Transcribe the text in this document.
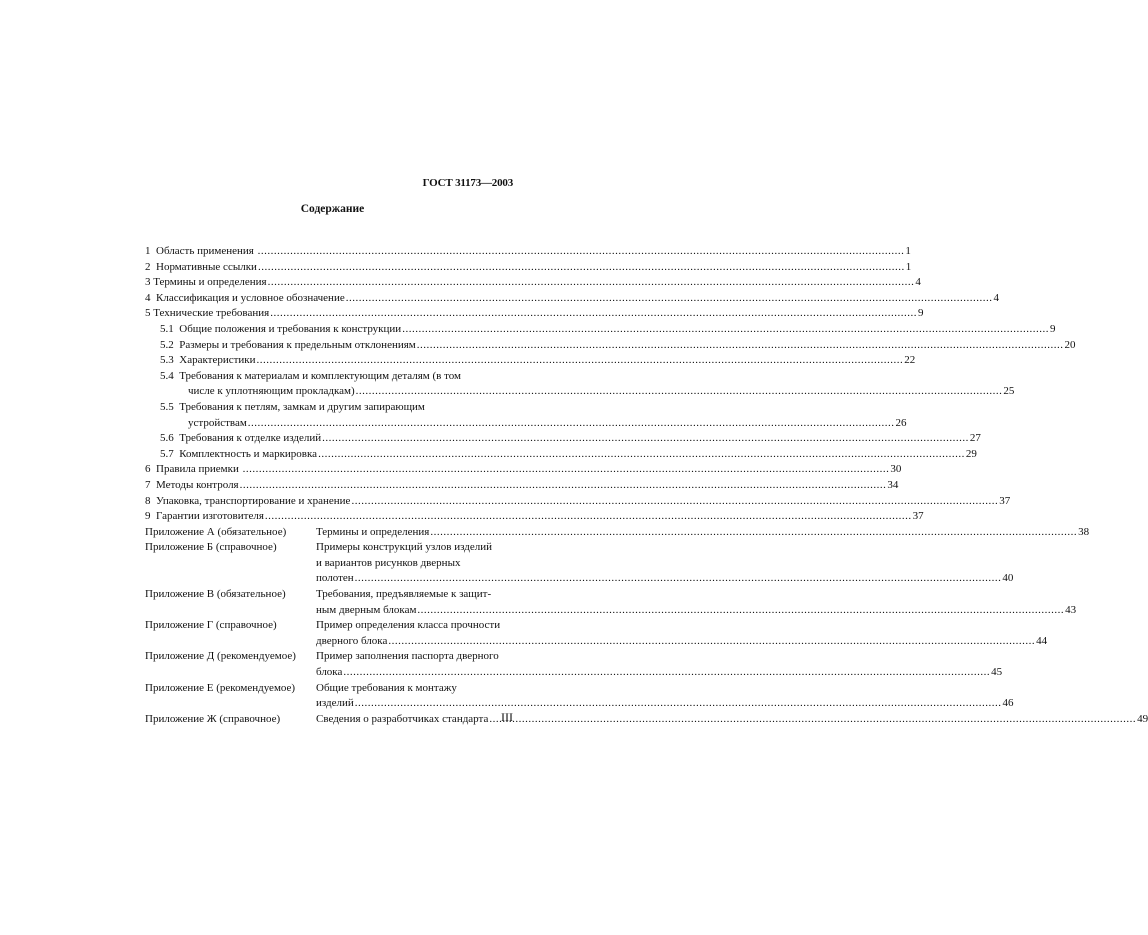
ГОСТ 31173—2003
Содержание
1 Область применения .....	1
2 Нормативные ссылки .....	1
3 Термины и определения .....	4
4 Классификация и условное обозначение .....	4
5 Технические требования .....	9
5.1 Общие положения и требования к конструкции .....	9
5.2 Размеры и требования к предельным отклонениям .....	20
5.3 Характеристики .....	22
5.4 Требования к материалам и комплектующим деталям (в том
числе к уплотняющим прокладкам) .....	25
5.5 Требования к петлям, замкам и другим запирающим
устройствам .....	26
5.6 Требования к отделке изделий .....	27
5.7 Комплектность и маркировка .....	29
6 Правила приемки .....	30
7 Методы контроля .....	34
8 Упаковка, транспортирование и хранение .....	37
9 Гарантии изготовителя .....	37
Приложение А (обязательное)	Термины и определения .....	38
Приложение Б (справочное)	Примеры конструкций узлов изделий
и вариантов рисунков дверных
полотен .....	40
Приложение В (обязательное)	Требования, предъявляемые к защит-
ным дверным блокам .....	43
Приложение Г (справочное)	Пример определения класса прочности
дверного блока .....	44
Приложение Д (рекомендуемое)	Пример заполнения паспорта дверного
блока .....	45
Приложение Е (рекомендуемое)	Общие требования к монтажу
изделий .....	46
Приложение Ж (справочное)	Сведения о разработчиках стандарта .....	49
III
